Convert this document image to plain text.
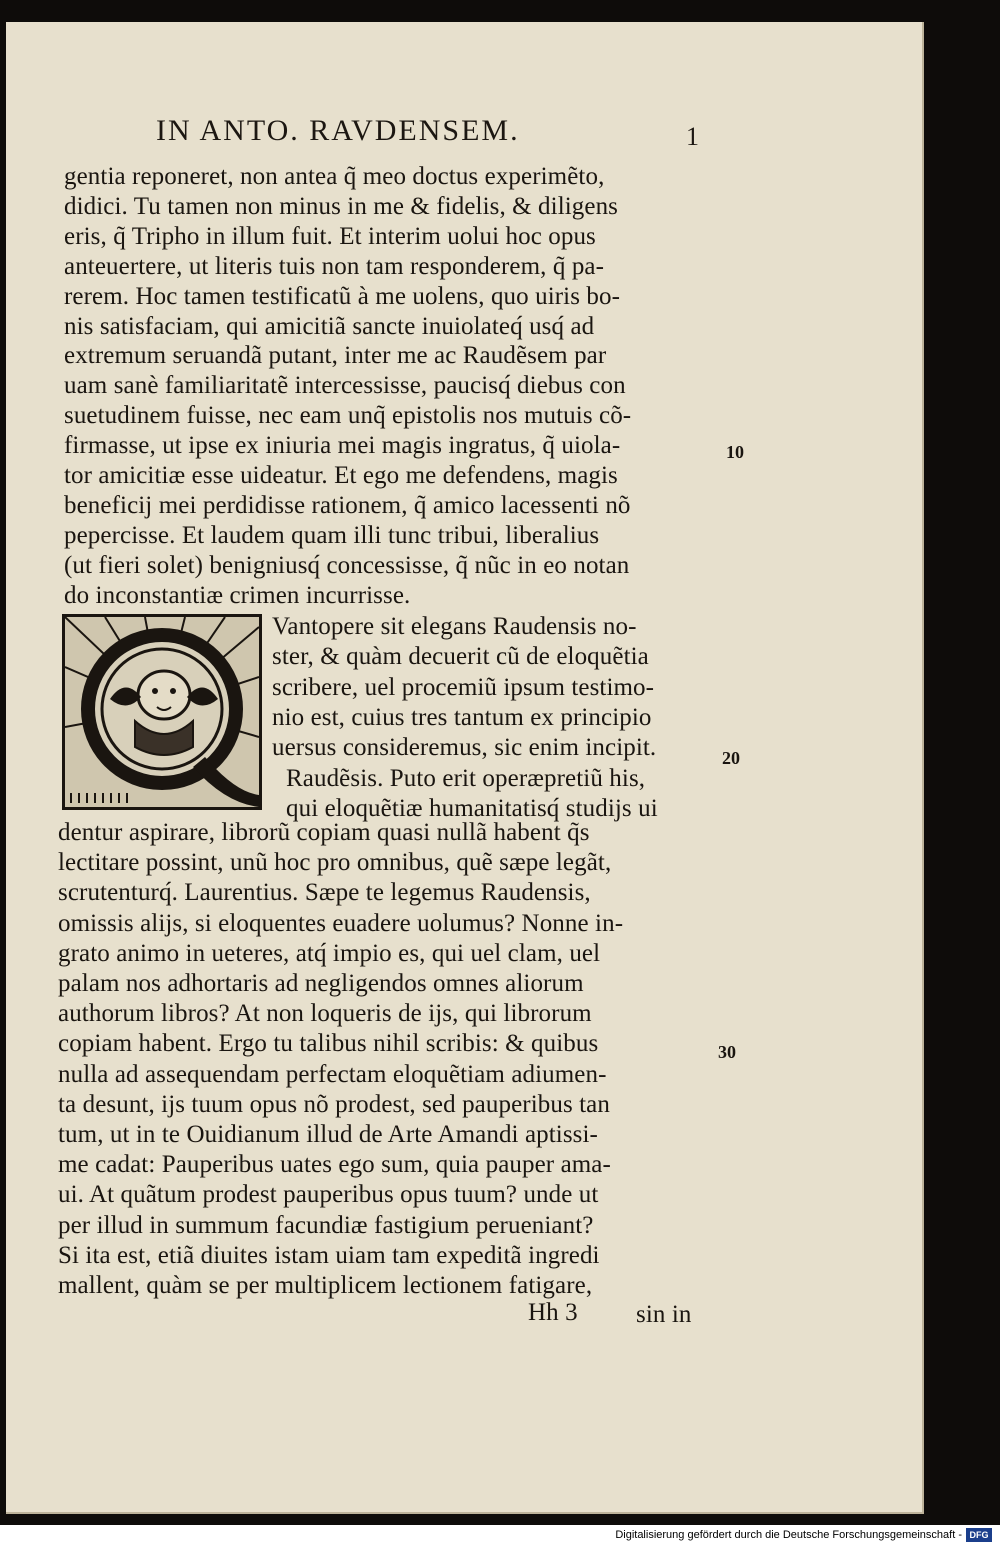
IN ANTO. RAVDENSEM.	1

gentia reponeret, non antea q̃ meo doctus experimẽto,

didici. Tu tamen non minus in me & fidelis, & diligens

eris, q̃ Tripho in illum fuit. Et interim uolui hoc opus

anteuertere, ut literis tuis non tam responderem, q̃ pa-

rerem. Hoc tamen testificatũ à me uolens, quo uiris bo-

nis satisfaciam, qui amicitiã sancte inuiolateq́ usq́ ad

extremum seruandã putant, inter me ac Raudẽsem par

uam sanè familiaritatẽ intercessisse, paucisq́ diebus con

suetudinem fuisse, nec eam unq̃ epistolis nos mutuis cõ-

firmasse, ut ipse ex iniuria mei magis ingratus, q̃ uiola-

tor amicitiæ esse uideatur. Et ego me defendens, magis

beneficij mei perdidisse rationem, q̃ amico lacessenti nõ

pepercisse. Et laudem quam illi tunc tribui, liberalius

(ut fieri solet) benigniusq́ concessisse, q̃ nũc in eo notan

do inconstantiæ crimen incurrisse.

Vantopere sit elegans Raudensis no-

ster, & quàm decuerit cũ de eloquẽtia

scribere, uel procemiũ ipsum testimo-

nio est, cuius tres tantum ex principio

uersus consideremus, sic enim incipit.

Raudẽsis. Puto erit operæpretiũ his,

qui eloquẽtiæ humanitatisq́ studijs ui

dentur aspirare, librorũ copiam quasi nullã habent q̃s

lectitare possint, unũ hoc pro omnibus, quẽ sæpe legãt,

scrutenturq́. Laurentius. Sæpe te legemus Raudensis,

omissis alijs, si eloquentes euadere uolumus? Nonne in-

grato animo in ueteres, atq́ impio es, qui uel clam, uel

palam nos adhortaris ad negligendos omnes aliorum

authorum libros? At non loqueris de ijs, qui librorum

copiam habent. Ergo tu talibus nihil scribis: & quibus

nulla ad assequendam perfectam eloquẽtiam adiumen-

ta desunt, ijs tuum opus nõ prodest, sed pauperibus tan

tum, ut in te Ouidianum illud de Arte Amandi aptissi-

me cadat: Pauperibus uates ego sum, quia pauper ama-

ui. At quãtum prodest pauperibus opus tuum? unde ut

per illud in summum facundiæ fastigium perueniant?

Si ita est, etiã diuites istam uiam tam expeditã ingredi

mallent, quàm se per multiplicem lectionem fatigare,

10
20
30
Hh 3 sin in
Digitalisierung gefördert durch die Deutsche Forschungsgemeinschaft - DFG
